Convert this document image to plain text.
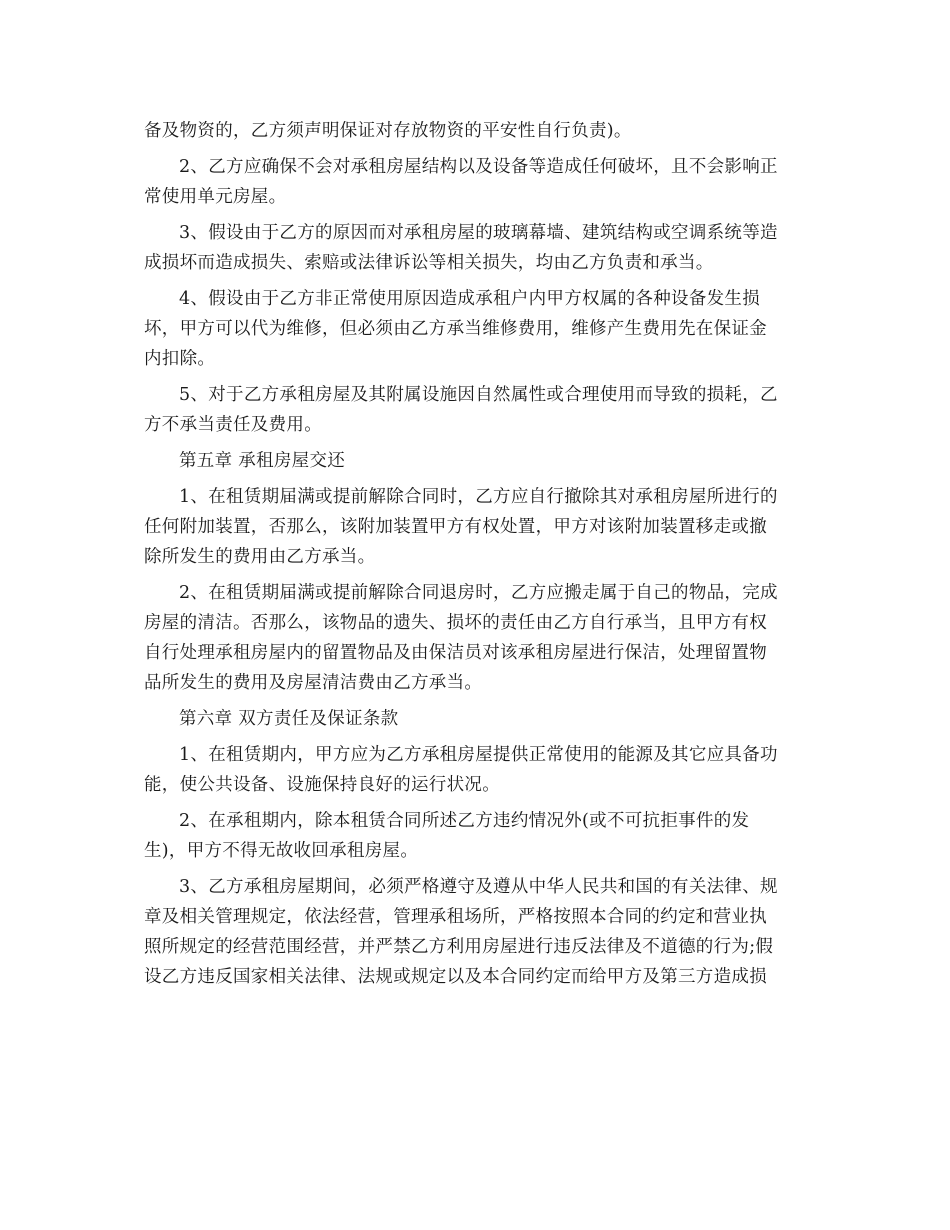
备及物资的，乙方须声明保证对存放物资的平安性自行负责)。
2、乙方应确保不会对承租房屋结构以及设备等造成任何破坏，且不会影响正
常使用单元房屋。
3、假设由于乙方的原因而对承租房屋的玻璃幕墙、建筑结构或空调系统等造
成损坏而造成损失、索赔或法律诉讼等相关损失，均由乙方负责和承当。
4、假设由于乙方非正常使用原因造成承租户内甲方权属的各种设备发生损
坏，甲方可以代为维修，但必须由乙方承当维修费用，维修产生费用先在保证金
内扣除。
5、对于乙方承租房屋及其附属设施因自然属性或合理使用而导致的损耗，乙
方不承当责任及费用。
第五章 承租房屋交还
1、在租赁期届满或提前解除合同时，乙方应自行撤除其对承租房屋所进行的
任何附加装置，否那么，该附加装置甲方有权处置，甲方对该附加装置移走或撤
除所发生的费用由乙方承当。
2、在租赁期届满或提前解除合同退房时，乙方应搬走属于自己的物品，完成
房屋的清洁。否那么，该物品的遗失、损坏的责任由乙方自行承当，且甲方有权
自行处理承租房屋内的留置物品及由保洁员对该承租房屋进行保洁，处理留置物
品所发生的费用及房屋清洁费由乙方承当。
第六章 双方责任及保证条款
1、在租赁期内，甲方应为乙方承租房屋提供正常使用的能源及其它应具备功
能，使公共设备、设施保持良好的运行状况。
2、在承租期内，除本租赁合同所述乙方违约情况外(或不可抗拒事件的发
生)，甲方不得无故收回承租房屋。
3、乙方承租房屋期间，必须严格遵守及遵从中华人民共和国的有关法律、规
章及相关管理规定，依法经营，管理承租场所，严格按照本合同的约定和营业执
照所规定的经营范围经营，并严禁乙方利用房屋进行违反法律及不道德的行为;假
设乙方违反国家相关法律、法规或规定以及本合同约定而给甲方及第三方造成损
